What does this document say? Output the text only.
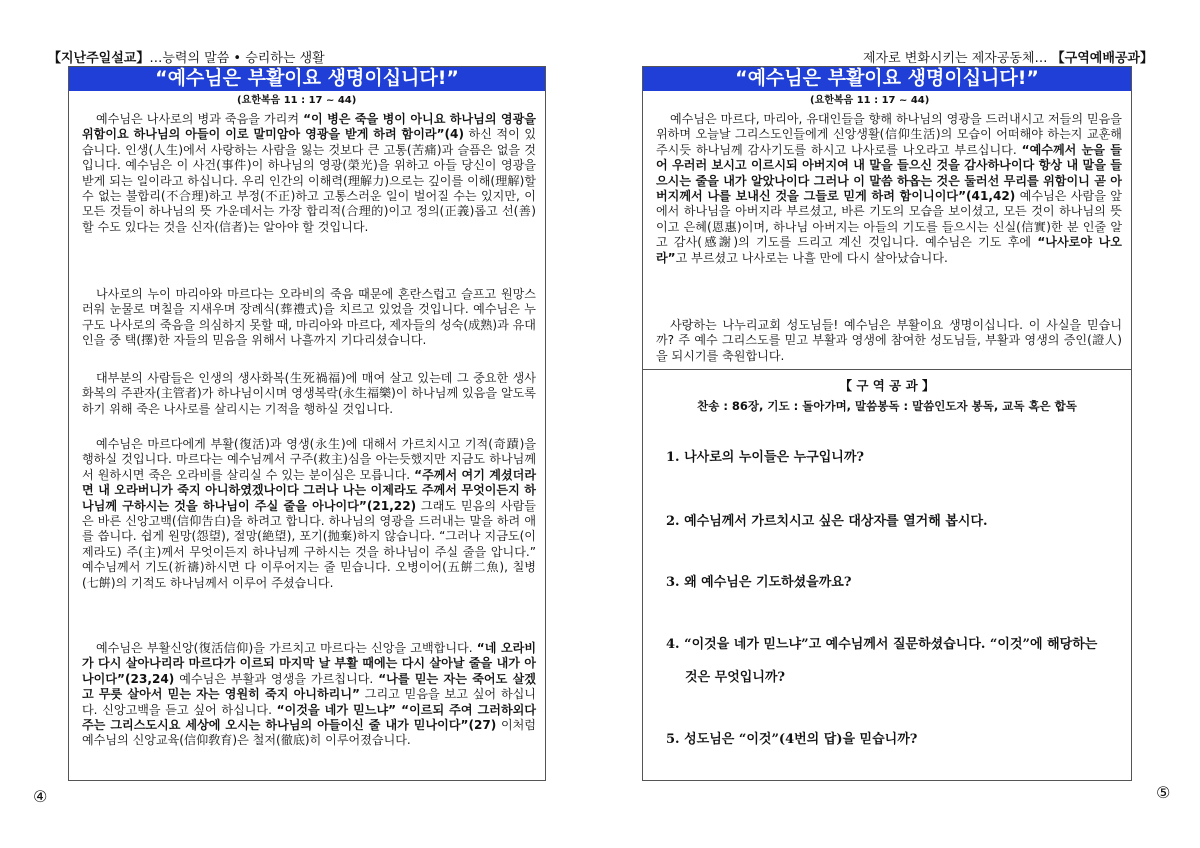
【지난주일설교】…능력의 말씀 • 승리하는 생활	제자로 변화시키는 제자공동체… 【구역예배공과】
“예수님은 부활이요 생명이십니다!”
(요한복음 11 : 17 ~ 44)

예수님은 나사로의 병과 죽음을 가리켜 “이 병은 죽을 병이 아니요 하나님의 영광을 위함이요 하나님의 아들이 이로 말미암아 영광을 받게 하려 함이라”(4) 하신 적이 있습니다. 인생(人生)에서 사랑하는 사람을 잃는 것보다 큰 고통(苦痛)과 슬픔은 없을 것입니다. 예수님은 이 사건(事件)이 하나님의 영광(榮光)을 위하고 아들 당신이 영광을 받게 되는 일이라고 하십니다. 우리 인간의 이해력(理解力)으로는 깊이를 이해(理解)할 수 없는 불합리(不合理)하고 부정(不正)하고 고통스러운 일이 벌어질 수는 있지만, 이 모든 것들이 하나님의 뜻 가운데서는 가장 합리적(合理的)이고 정의(正義)롭고 선(善)할 수도 있다는 것을 신자(信者)는 알아야 할 것입니다.

나사로의 누이 마리아와 마르다는 오라비의 죽음 때문에 혼란스럽고 슬프고 원망스러워 눈물로 며칠을 지새우며 장례식(葬禮式)을 치르고 있었을 것입니다. 예수님은 누구도 나사로의 죽음을 의심하지 못할 때, 마리아와 마르다, 제자들의 성숙(成熟)과 유대인을 중 택(擇)한 자들의 믿음을 위해서 나흘까지 기다리셨습니다.

대부분의 사람들은 인생의 생사화복(生死禍福)에 매여 살고 있는데 그 중요한 생사화복의 주관자(主管者)가 하나님이시며 영생복락(永生福樂)이 하나님께 있음을 알도록 하기 위해 죽은 나사로를 살리시는 기적을 행하실 것입니다.

예수님은 마르다에게 부활(復活)과 영생(永生)에 대해서 가르치시고 기적(奇蹟)을 행하실 것입니다. 마르다는 예수님께서 구주(救主)심을 아는듯했지만 지금도 하나님께서 원하시면 죽은 오라비를 살리실 수 있는 분이심은 모릅니다. “주께서 여기 계셨더라면 내 오라버니가 죽지 아니하였겠나이다 그러나 나는 이제라도 주께서 무엇이든지 하나님께 구하시는 것을 하나님이 주실 줄을 아나이다”(21,22) 그래도 믿음의 사람들은 바른 신앙고백(信仰告白)을 하려고 합니다. 하나님의 영광을 드러내는 말을 하려 애를 씁니다. 쉽게 원망(怨望), 절망(絶望), 포기(抛棄)하지 않습니다. “그러나 지금도(이제라도) 주(主)께서 무엇이든지 하나님께 구하시는 것을 하나님이 주실 줄을 압니다.” 예수님께서 기도(祈禱)하시면 다 이루어지는 줄 믿습니다. 오병이어(五餠二魚), 칠병(七餠)의 기적도 하나님께서 이루어 주셨습니다.

예수님은 부활신앙(復活信仰)을 가르치고 마르다는 신앙을 고백합니다. “네 오라비가 다시 살아나리라 마르다가 이르되 마지막 날 부활 때에는 다시 살아날 줄을 내가 아나이다”(23,24) 예수님은 부활과 영생을 가르칩니다. “나를 믿는 자는 죽어도 살겠고 무릇 살아서 믿는 자는 영원히 죽지 아니하리니” 그리고 믿음을 보고 싶어 하십니다. 신앙고백을 듣고 싶어 하십니다. “이것을 네가 믿느냐” “이르되 주여 그러하외다 주는 그리스도시요 세상에 오시는 하나님의 아들이신 줄 내가 믿나이다”(27) 이처럼 예수님의 신앙교육(信仰敎育)은 철저(徹底)히 이루어졌습니다.

④
“예수님은 부활이요 생명이십니다!”
(요한복음 11 : 17 ~ 44)

예수님은 마르다, 마리아, 유대인들을 향해 하나님의 영광을 드러내시고 저들의 믿음을 위하며 오늘날 그리스도인들에게 신앙생활(信仰生活)의 모습이 어떠해야 하는지 교훈해 주시듯 하나님께 감사기도를 하시고 나사로를 나오라고 부르십니다. “예수께서 눈을 들어 우러러 보시고 이르시되 아버지여 내 말을 들으신 것을 감사하나이다 항상 내 말을 들으시는 줄을 내가 알았나이다 그러나 이 말씀 하옵는 것은 둘러선 무리를 위함이니 곧 아버지께서 나를 보내신 것을 그들로 믿게 하려 함이니이다”(41,42) 예수님은 사람을 앞에서 하나님을 아버지라 부르셨고, 바른 기도의 모습을 보이셨고, 모든 것이 하나님의 뜻이고 은혜(恩惠)이며, 하나님 아버지는 아들의 기도를 들으시는 신실(信實)한 분 인줄 알고 감사(感謝)의 기도를 드리고 계신 것입니다. 예수님은 기도 후에 “나사로야 나오라”고 부르셨고 나사로는 나흘 만에 다시 살아났습니다.

사랑하는 나누리교회 성도님들! 예수님은 부활이요 생명이십니다. 이 사실을 믿습니까? 주 예수 그리스도를 믿고 부활과 영생에 참여한 성도님들, 부활과 영생의 증인(證人)을 되시기를 축원합니다.

【 구 역 공 과 】
찬송 : 86장, 기도 : 돌아가며, 말씀봉독 : 말씀인도자 봉독, 교독 혹은 합독
1. 나사로의 누이들은 누구입니까?
2. 예수님께서 가르치시고 싶은 대상자를 열거해 봅시다.
3. 왜 예수님은 기도하셨을까요?
4. “이것을 네가 믿느냐”고 예수님께서 질문하셨습니다. “이것”에 해당하는
것은 무엇입니까?
5. 성도님은 “이것”(4번의 답)을 믿습니까?
⑤
